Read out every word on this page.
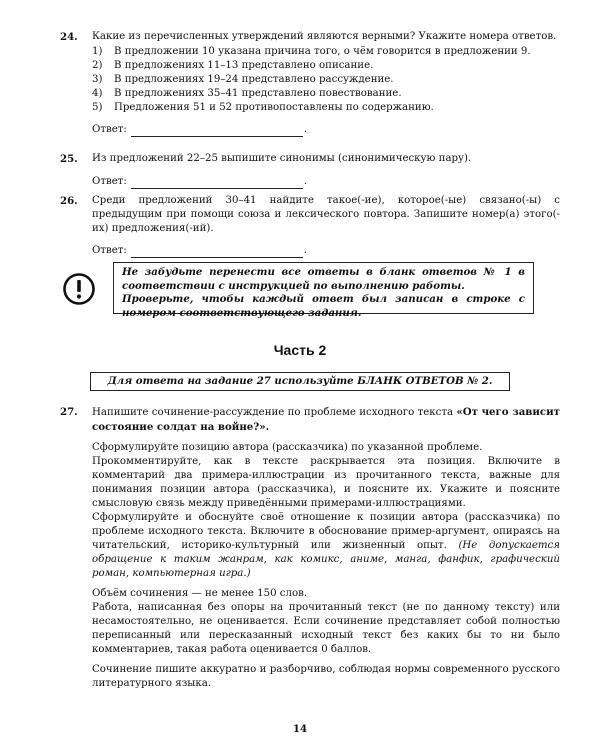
24. Какие из перечисленных утверждений являются верными? Укажите номера ответов.
1)	В предложении 10 указана причина того, о чём говорится в предложении 9.
2)	В предложениях 11–13 представлено описание.
3)	В предложениях 19–24 представлено рассуждение.
4)	В предложениях 35–41 представлено повествование.
5)	Предложения 51 и 52 противопоставлены по содержанию.
Ответ:	.
25. Из предложений 22–25 выпишите синонимы (синонимическую пару).
Ответ:	.
26. Среди предложений 30–41 найдите такое(-ие), которое(-ые) связано(-ы) с предыдущим при помощи союза и лексического повтора. Запишите номер(а) этого(-их) предложения(-ий).
Ответ:	.
Не забудьте перенести все ответы в бланк ответов № 1 в соответствии с инструкцией по выполнению работы.
Проверьте, чтобы каждый ответ был записан в строке с номером соответствующего задания.
Часть 2
Для ответа на задание 27 используйте БЛАНК ОТВЕТОВ № 2.
27. Напишите сочинение-рассуждение по проблеме исходного текста «От чего зависит состояние солдат на войне?».

Сформулируйте позицию автора (рассказчика) по указанной проблеме.

Прокомментируйте, как в тексте раскрывается эта позиция. Включите в комментарий два примера-иллюстрации из прочитанного текста, важные для понимания позиции автора (рассказчика), и поясните их. Укажите и поясните смысловую связь между приведёнными примерами-иллюстрациями.

Сформулируйте и обоснуйте своё отношение к позиции автора (рассказчика) по проблеме исходного текста. Включите в обоснование пример-аргумент, опираясь на читательский, историко-культурный или жизненный опыт. (Не допускается обращение к таким жанрам, как комикс, аниме, манга, фанфик, графический роман, компьютерная игра.)

Объём сочинения — не менее 150 слов.

Работа, написанная без опоры на прочитанный текст (не по данному тексту) или несамостоятельно, не оценивается. Если сочинение представляет собой полностью переписанный или пересказанный исходный текст без каких бы то ни было комментариев, такая работа оценивается 0 баллов.

Сочинение пишите аккуратно и разборчиво, соблюдая нормы современного русского литературного языка.

14
